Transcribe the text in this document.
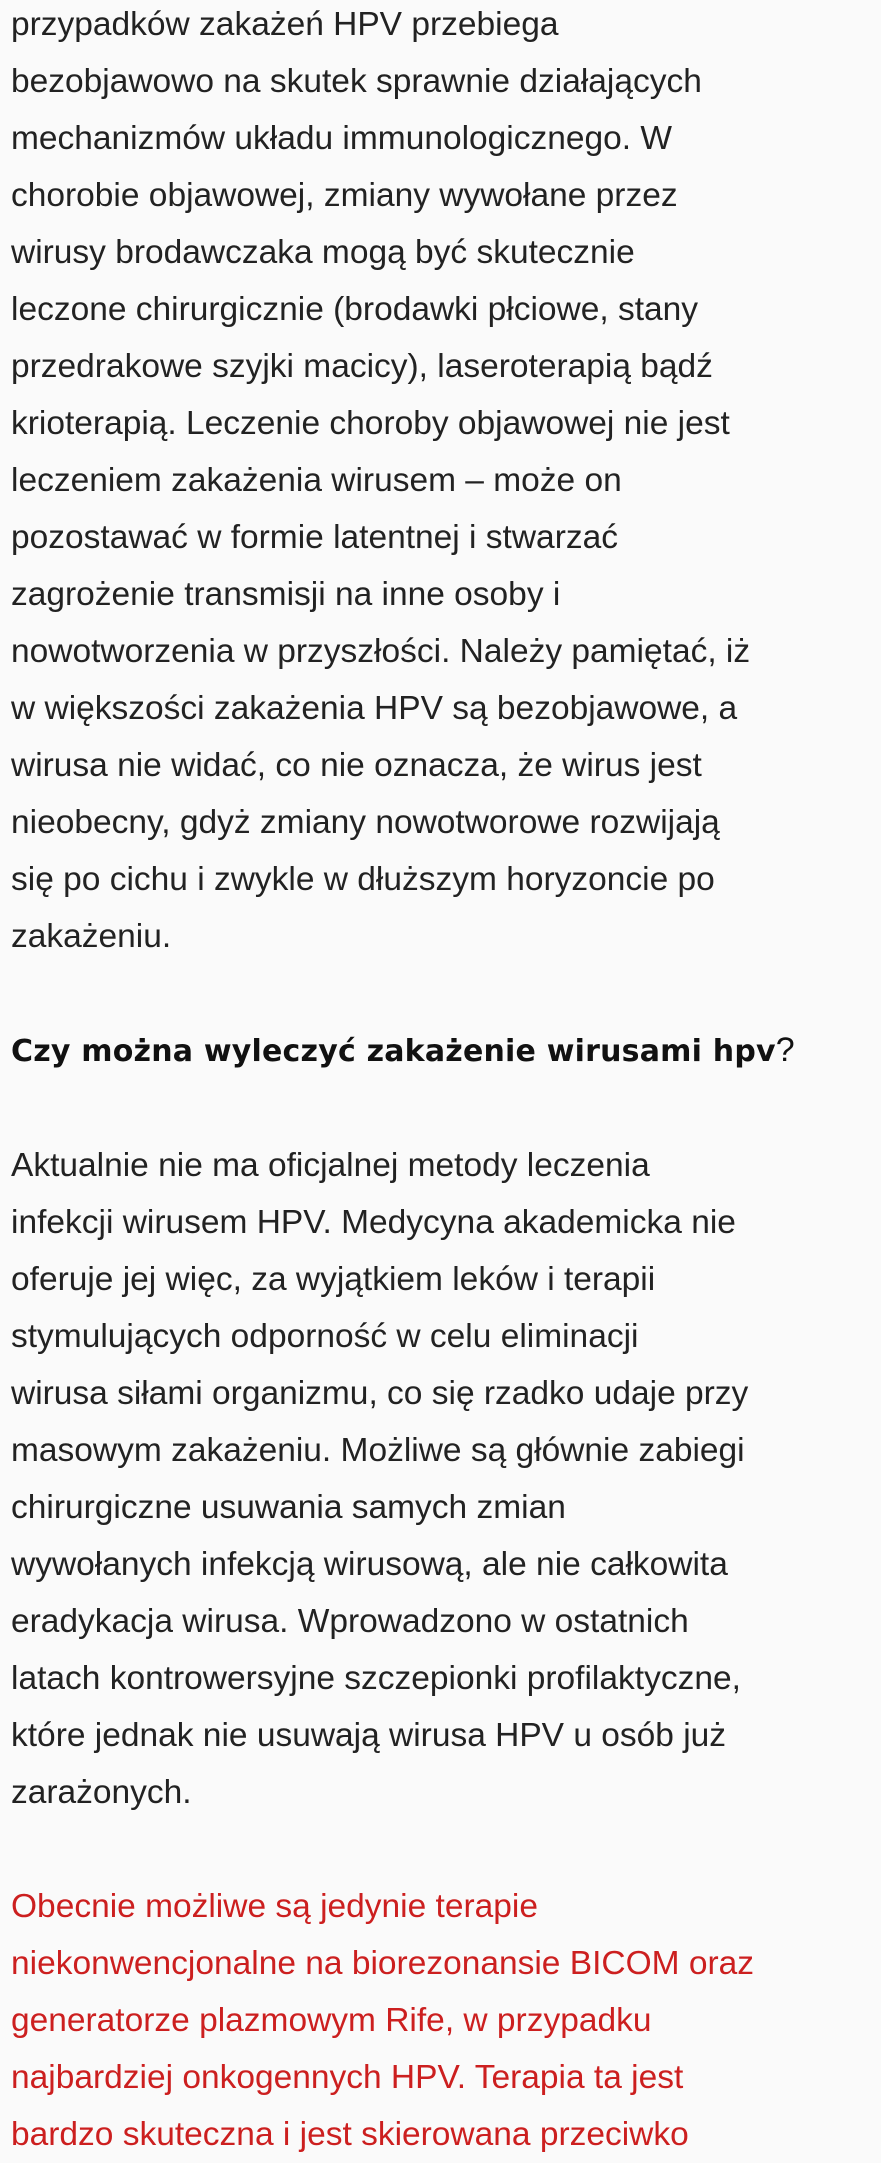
przypadków zakażeń HPV przebiega
bezobjawowo na skutek sprawnie działających
mechanizmów układu immunologicznego. W
chorobie objawowej, zmiany wywołane przez
wirusy brodawczaka mogą być skutecznie
leczone chirurgicznie (brodawki płciowe, stany
przedrakowe szyjki macicy), laseroterapią bądź
krioterapią. Leczenie choroby objawowej nie jest
leczeniem zakażenia wirusem – może on
pozostawać w formie latentnej i stwarzać
zagrożenie transmisji na inne osoby i
nowotworzenia w przyszłości. Należy pamiętać, iż
w większości zakażenia HPV są bezobjawowe, a
wirusa nie widać, co nie oznacza, że wirus jest
nieobecny, gdyż zmiany nowotworowe rozwijają
się po cichu i zwykle w dłuższym horyzoncie po
zakażeniu.

Czy można wyleczyć zakażenie wirusami hpv?

Aktualnie nie ma oficjalnej metody leczenia
infekcji wirusem HPV. Medycyna akademicka nie
oferuje jej więc, za wyjątkiem leków i terapii
stymulujących odporność w celu eliminacji
wirusa siłami organizmu, co się rzadko udaje przy
masowym zakażeniu. Możliwe są głównie zabiegi
chirurgiczne usuwania samych zmian
wywołanych infekcją wirusową, ale nie całkowita
eradykacja wirusa. Wprowadzono w ostatnich
latach kontrowersyjne szczepionki profilaktyczne,
które jednak nie usuwają wirusa HPV u osób już
zarażonych.

Obecnie możliwe są jedynie terapie
niekonwencjonalne na biorezonansie BICOM oraz
generatorze plazmowym Rife, w przypadku
najbardziej onkogennych HPV. Terapia ta jest
bardzo skuteczna i jest skierowana przeciwko
